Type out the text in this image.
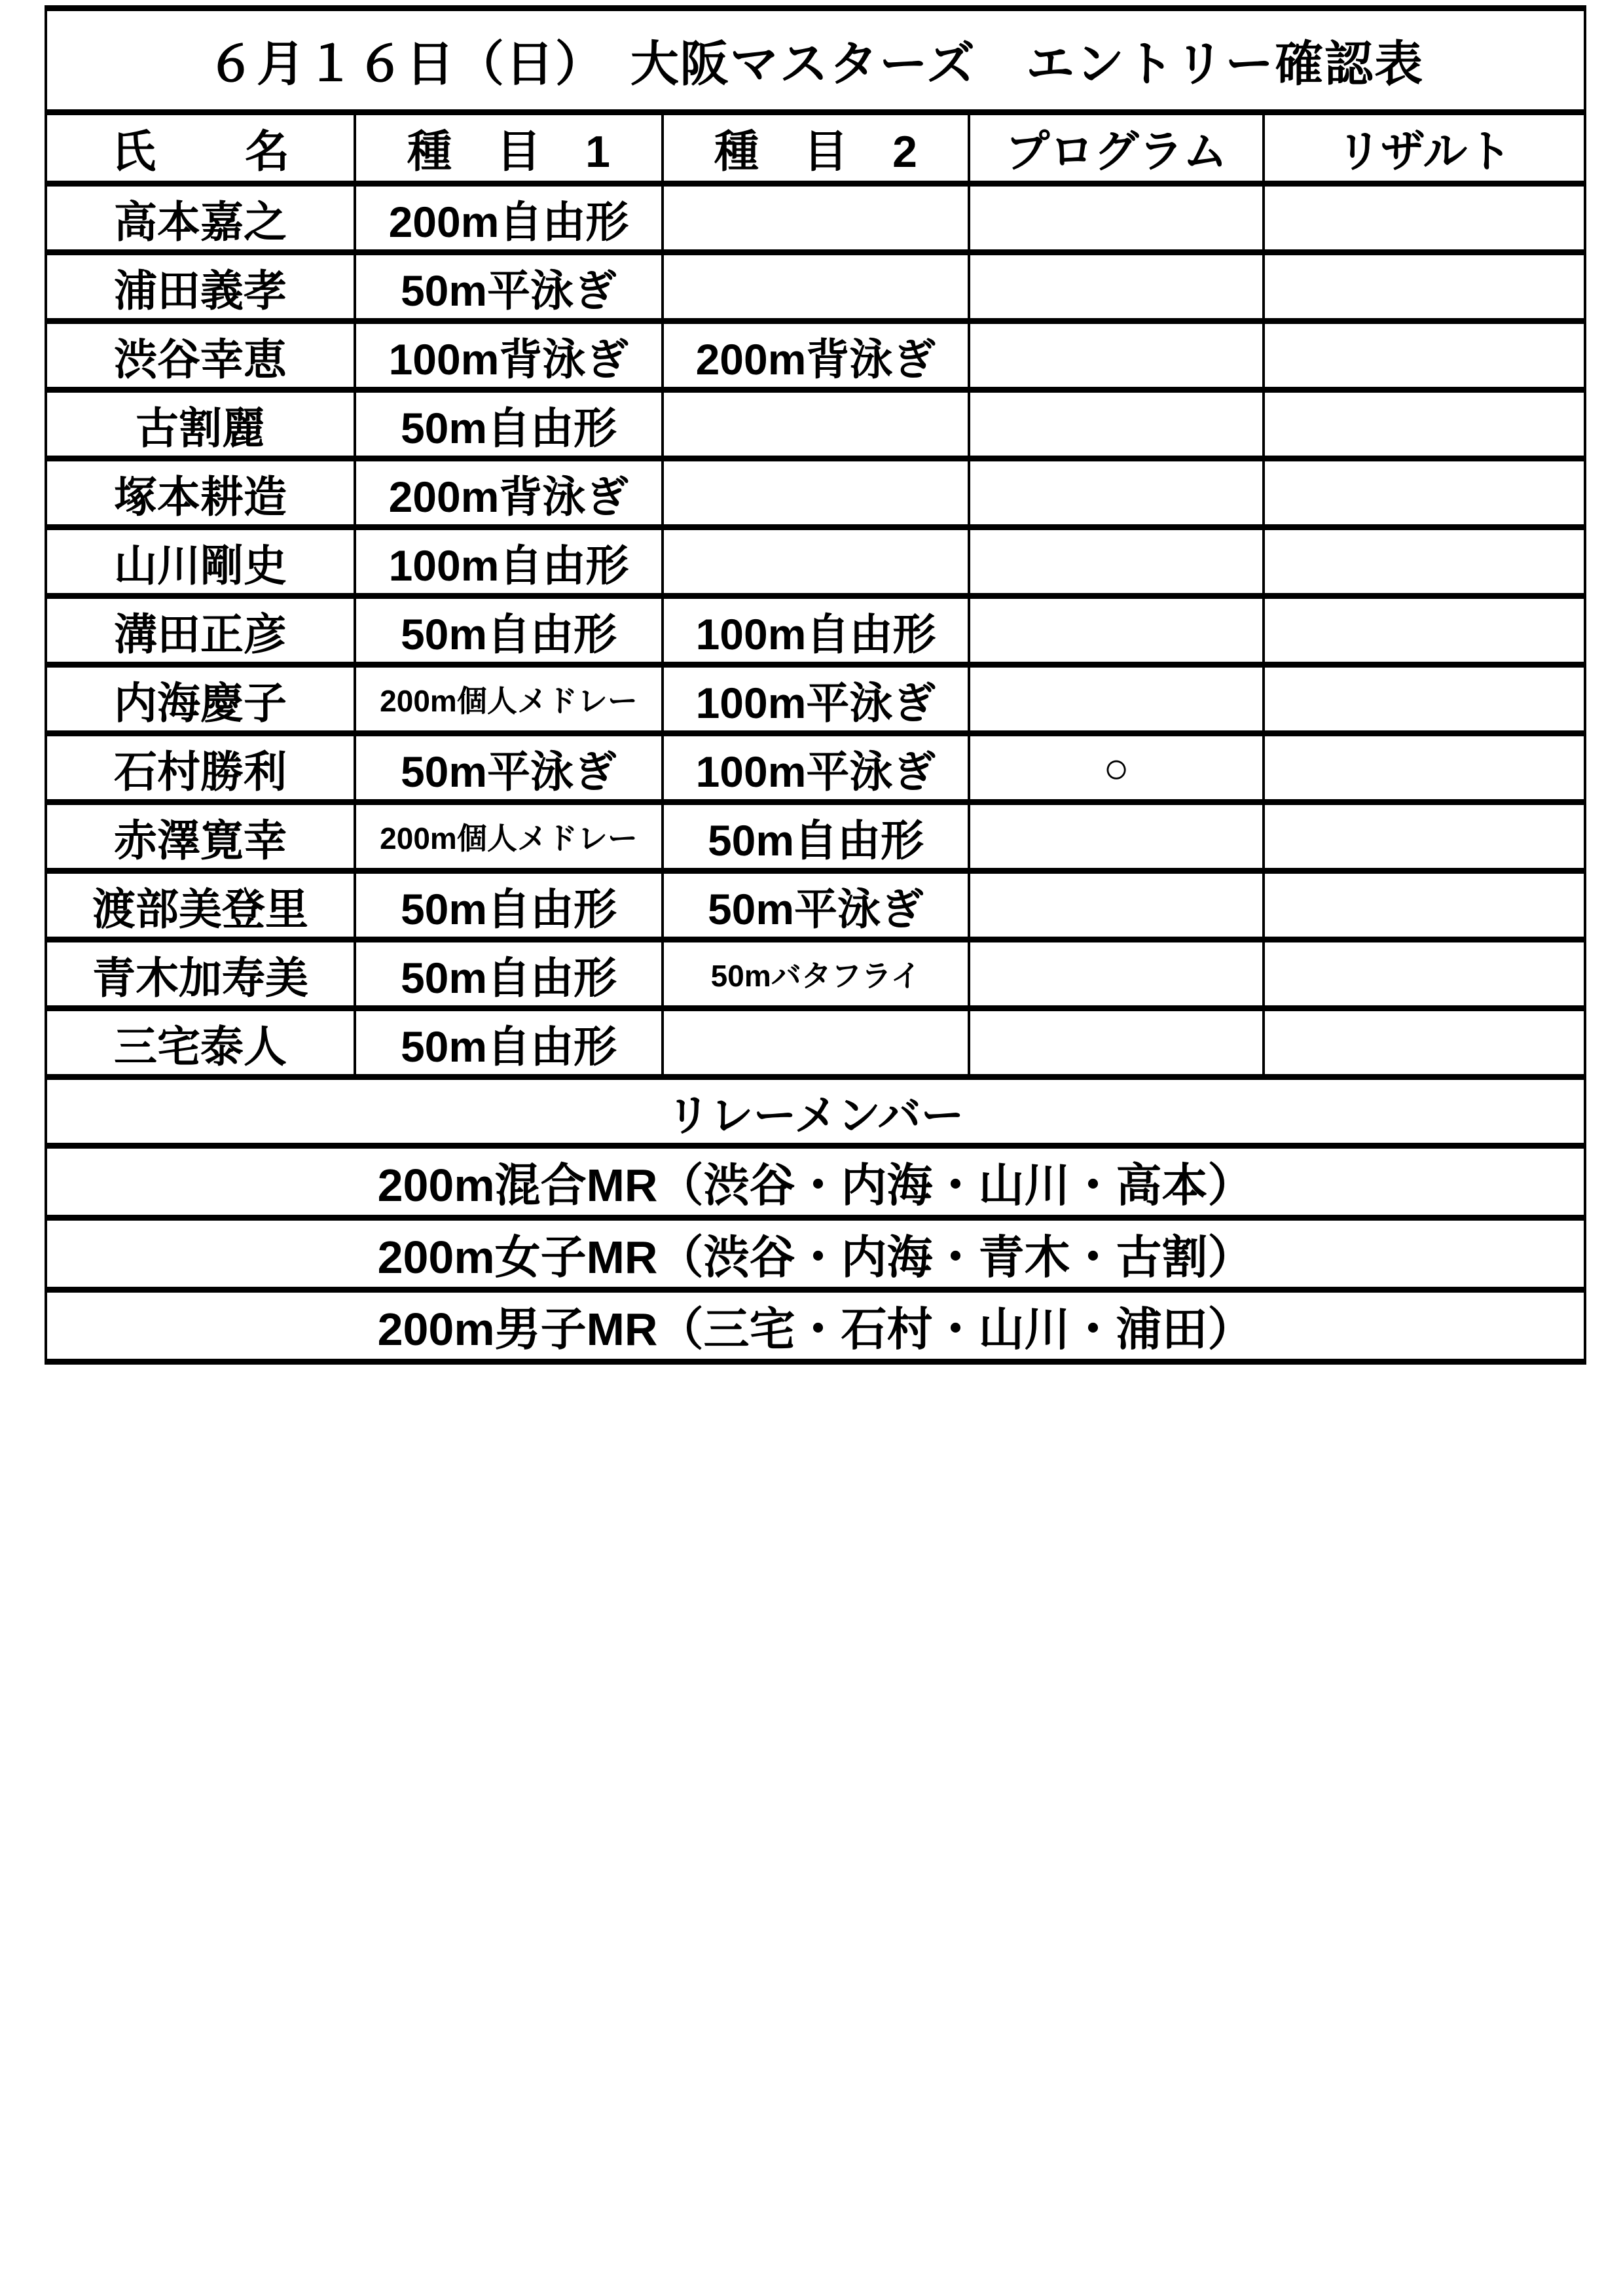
６月１６日（日）　大阪マスターズ　エントリー確認表				
氏　　名	種　目　1	種　目　2	プログラム	リザルト
高本嘉之	200m自由形			
浦田義孝	50m平泳ぎ			
渋谷幸恵	100m背泳ぎ	200m背泳ぎ		
古割麗	50m自由形			
塚本耕造	200m背泳ぎ			
山川剛史	100m自由形			
溝田正彦	50m自由形	100m自由形		
内海慶子	200m個人メドレー	100m平泳ぎ		
石村勝利	50m平泳ぎ	100m平泳ぎ	○	
赤澤寛幸	200m個人メドレー	50m自由形		
渡部美登里	50m自由形	50m平泳ぎ		
青木加寿美	50m自由形	50mバタフライ		
三宅泰人	50m自由形			
リレーメンバー				
200m混合MR（渋谷・内海・山川・高本）				
200m女子MR（渋谷・内海・青木・古割）				
200m男子MR（三宅・石村・山川・浦田）				
